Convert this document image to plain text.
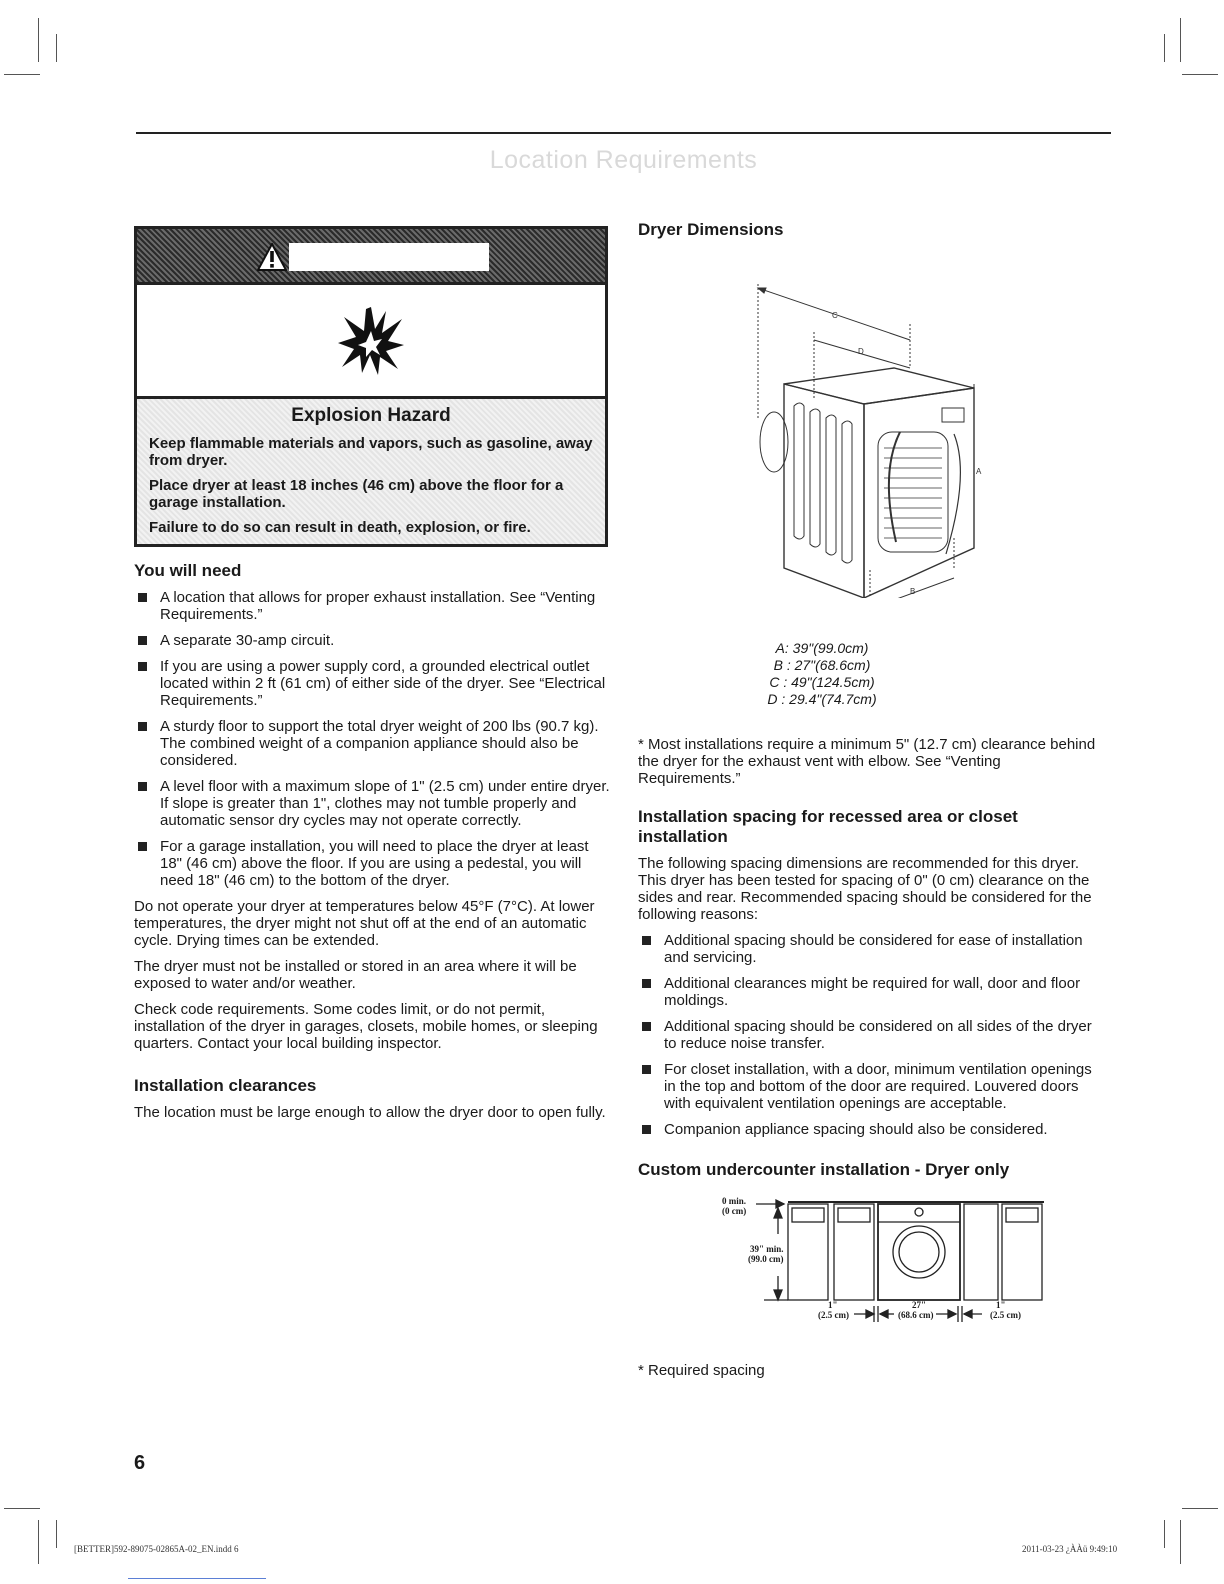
Location Requirements
Explosion Hazard
Keep flammable materials and vapors, such as gasoline, away from dryer.
Place dryer at least 18 inches (46 cm) above the floor for a garage installation.
Failure to do so can result in death, explosion, or fire.
You will need
A location that allows for proper exhaust installation. See “Venting Requirements.”
A separate 30-amp circuit.
If you are using a power supply cord, a grounded electrical outlet located within 2 ft (61 cm) of either side of the dryer. See “Electrical Requirements.”
A sturdy floor to support the total dryer weight of 200 lbs (90.7 kg). The combined weight of a companion appliance should also be considered.
A level floor with a maximum slope of 1" (2.5 cm) under entire dryer. If slope is greater than 1", clothes may not tumble properly and automatic sensor dry cycles may not operate correctly.
For a garage installation, you will need to place the dryer at least 18" (46 cm) above the floor. If you are using a pedestal, you will need 18" (46 cm) to the bottom of the dryer.

Do not operate your dryer at temperatures below 45°F (7°C). At lower temperatures, the dryer might not shut off at the end of an automatic cycle. Drying times can be extended.

The dryer must not be installed or stored in an area where it will be exposed to water and/or weather.

Check code requirements. Some codes limit, or do not permit, installation of the dryer in garages, closets, mobile homes, or sleeping quarters. Contact your local building inspector.

Installation clearances

The location must be large enough to allow the dryer door to open fully.

Dryer Dimensions
C
D
A
B
A: 39"(99.0cm)
B : 27"(68.6cm)
C : 49"(124.5cm)
D : 29.4"(74.7cm)

* Most installations require a minimum 5" (12.7 cm) clearance behind the dryer for the exhaust vent with elbow. See “Venting Requirements.”

Installation spacing for recessed area or closet installation

The following spacing dimensions are recommended for this dryer. This dryer has been tested for spacing of 0" (0 cm) clearance on the sides and rear. Recommended spacing should be considered for the following reasons:

Additional spacing should be considered for ease of installation and servicing.
Additional clearances might be required for wall, door and floor moldings.
Additional spacing should be considered on all sides of the dryer to reduce noise transfer.
For closet installation, with a door, minimum ventilation openings in the top and bottom of the door are required. Louvered doors with equivalent ventilation openings are acceptable.
Companion appliance spacing should also be considered.
Custom undercounter installation - Dryer only
0 min.
(0 cm)
39" min.
(99.0 cm)
1"
(2.5 cm)
27"
(68.6 cm)
1"
(2.5 cm)

* Required spacing

6
[BETTER]592-89075-02865A-02_EN.indd 6	2011-03-23 ¿ÀÀü 9:49:10
